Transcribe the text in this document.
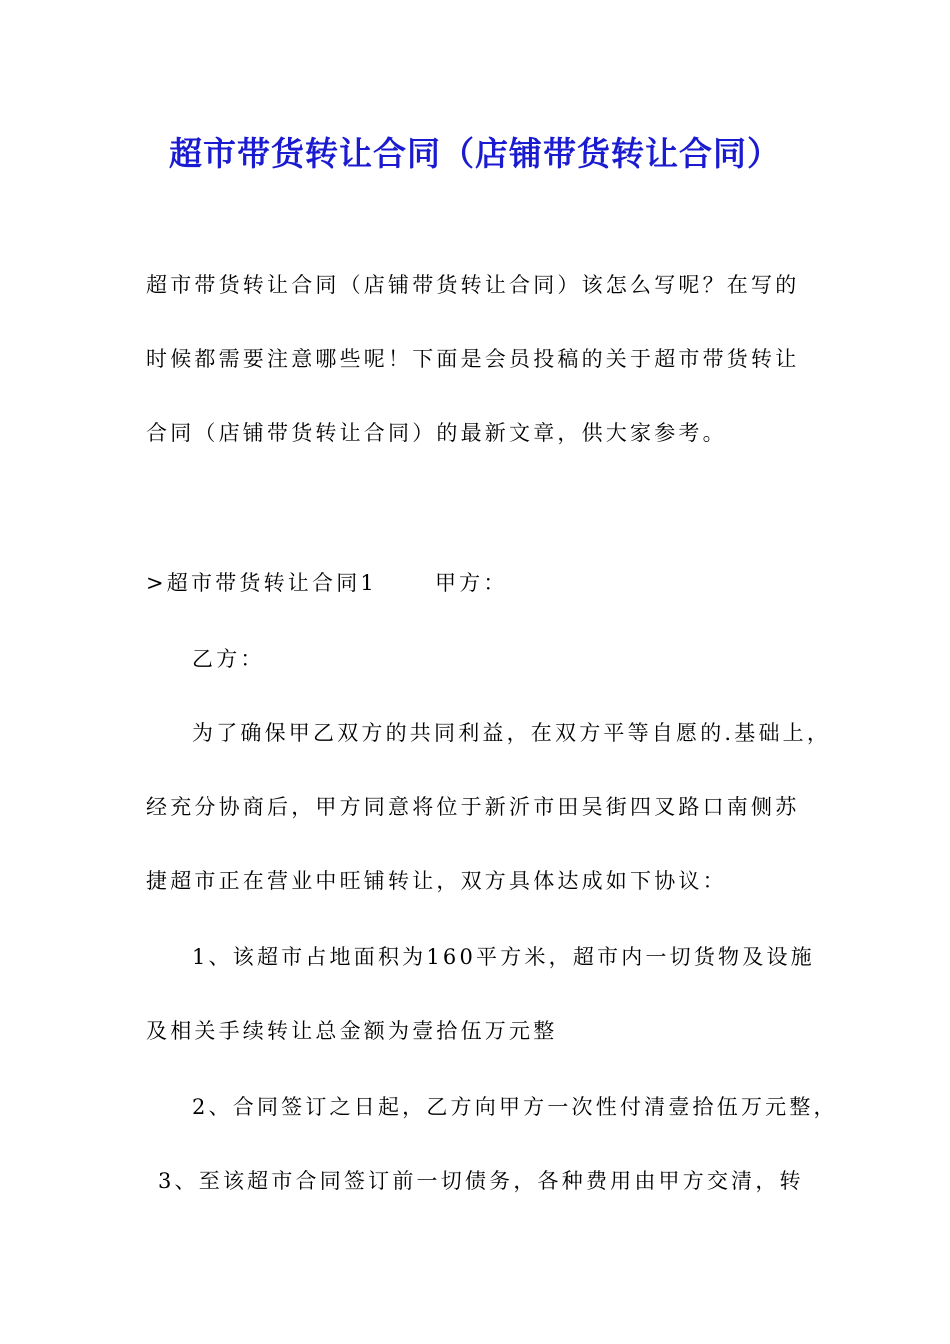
超市带货转让合同（店铺带货转让合同）
超市带货转让合同（店铺带货转让合同）该怎么写呢？在写的
时候都需要注意哪些呢！下面是会员投稿的关于超市带货转让
合同（店铺带货转让合同）的最新文章，供大家参考。
>超市带货转让合同1	甲方：
乙方：
为了确保甲乙双方的共同利益，在双方平等自愿的.基础上，
经充分协商后，甲方同意将位于新沂市田吴街四叉路口南侧苏
捷超市正在营业中旺铺转让，双方具体达成如下协议：
1、该超市占地面积为160平方米，超市内一切货物及设施
及相关手续转让总金额为壹拾伍万元整
2、合同签订之日起，乙方向甲方一次性付清壹拾伍万元整，
3、至该超市合同签订前一切债务，各种费用由甲方交清，转
